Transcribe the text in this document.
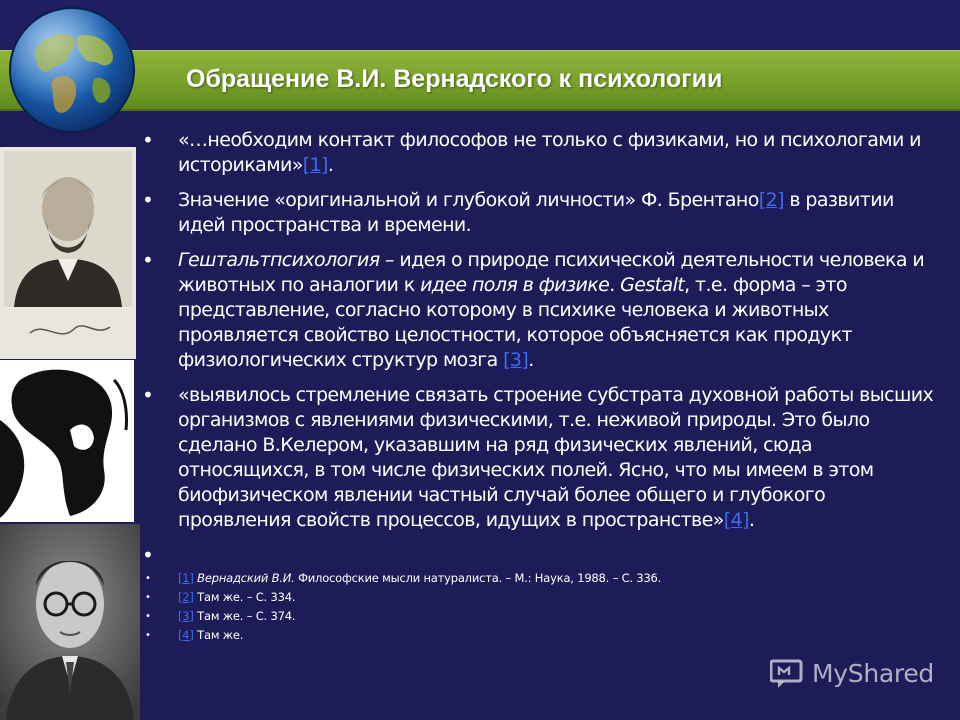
Обращение В.И. Вернадского к психологии
• «…необходим контакт философов не только с физиками, но и психологами и историками»[1].
• Значение «оригинальной и глубокой личности» Ф. Брентано[2] в развитии идей пространства и времени.
• Гештальтпсихология – идея о природе психической деятельности человека и животных по аналогии к идее поля в физике. Gestalt, т.е. форма – это представление, согласно которому в психике человека и животных проявляется свойство целостности, которое объясняется как продукт физиологических структур мозга [3].
• «выявилось стремление связать строение субстрата духовной работы высших организмов с явлениями физическими, т.е. неживой природы. Это было сделано В.Келером, указавшим на ряд физических явлений, сюда относящихся, в том числе физических полей. Ясно, что мы имеем в этом биофизическом явлении частный случай более общего и глубокого проявления свойств процессов, идущих в пространстве»[4].
•
• [1] Вернадский В.И. Философские мысли натуралиста. – М.: Наука, 1988. – С. 336.
• [2] Там же. – С. 334.
• [3] Там же. – С. 374.
• [4] Там же.
MyShared
